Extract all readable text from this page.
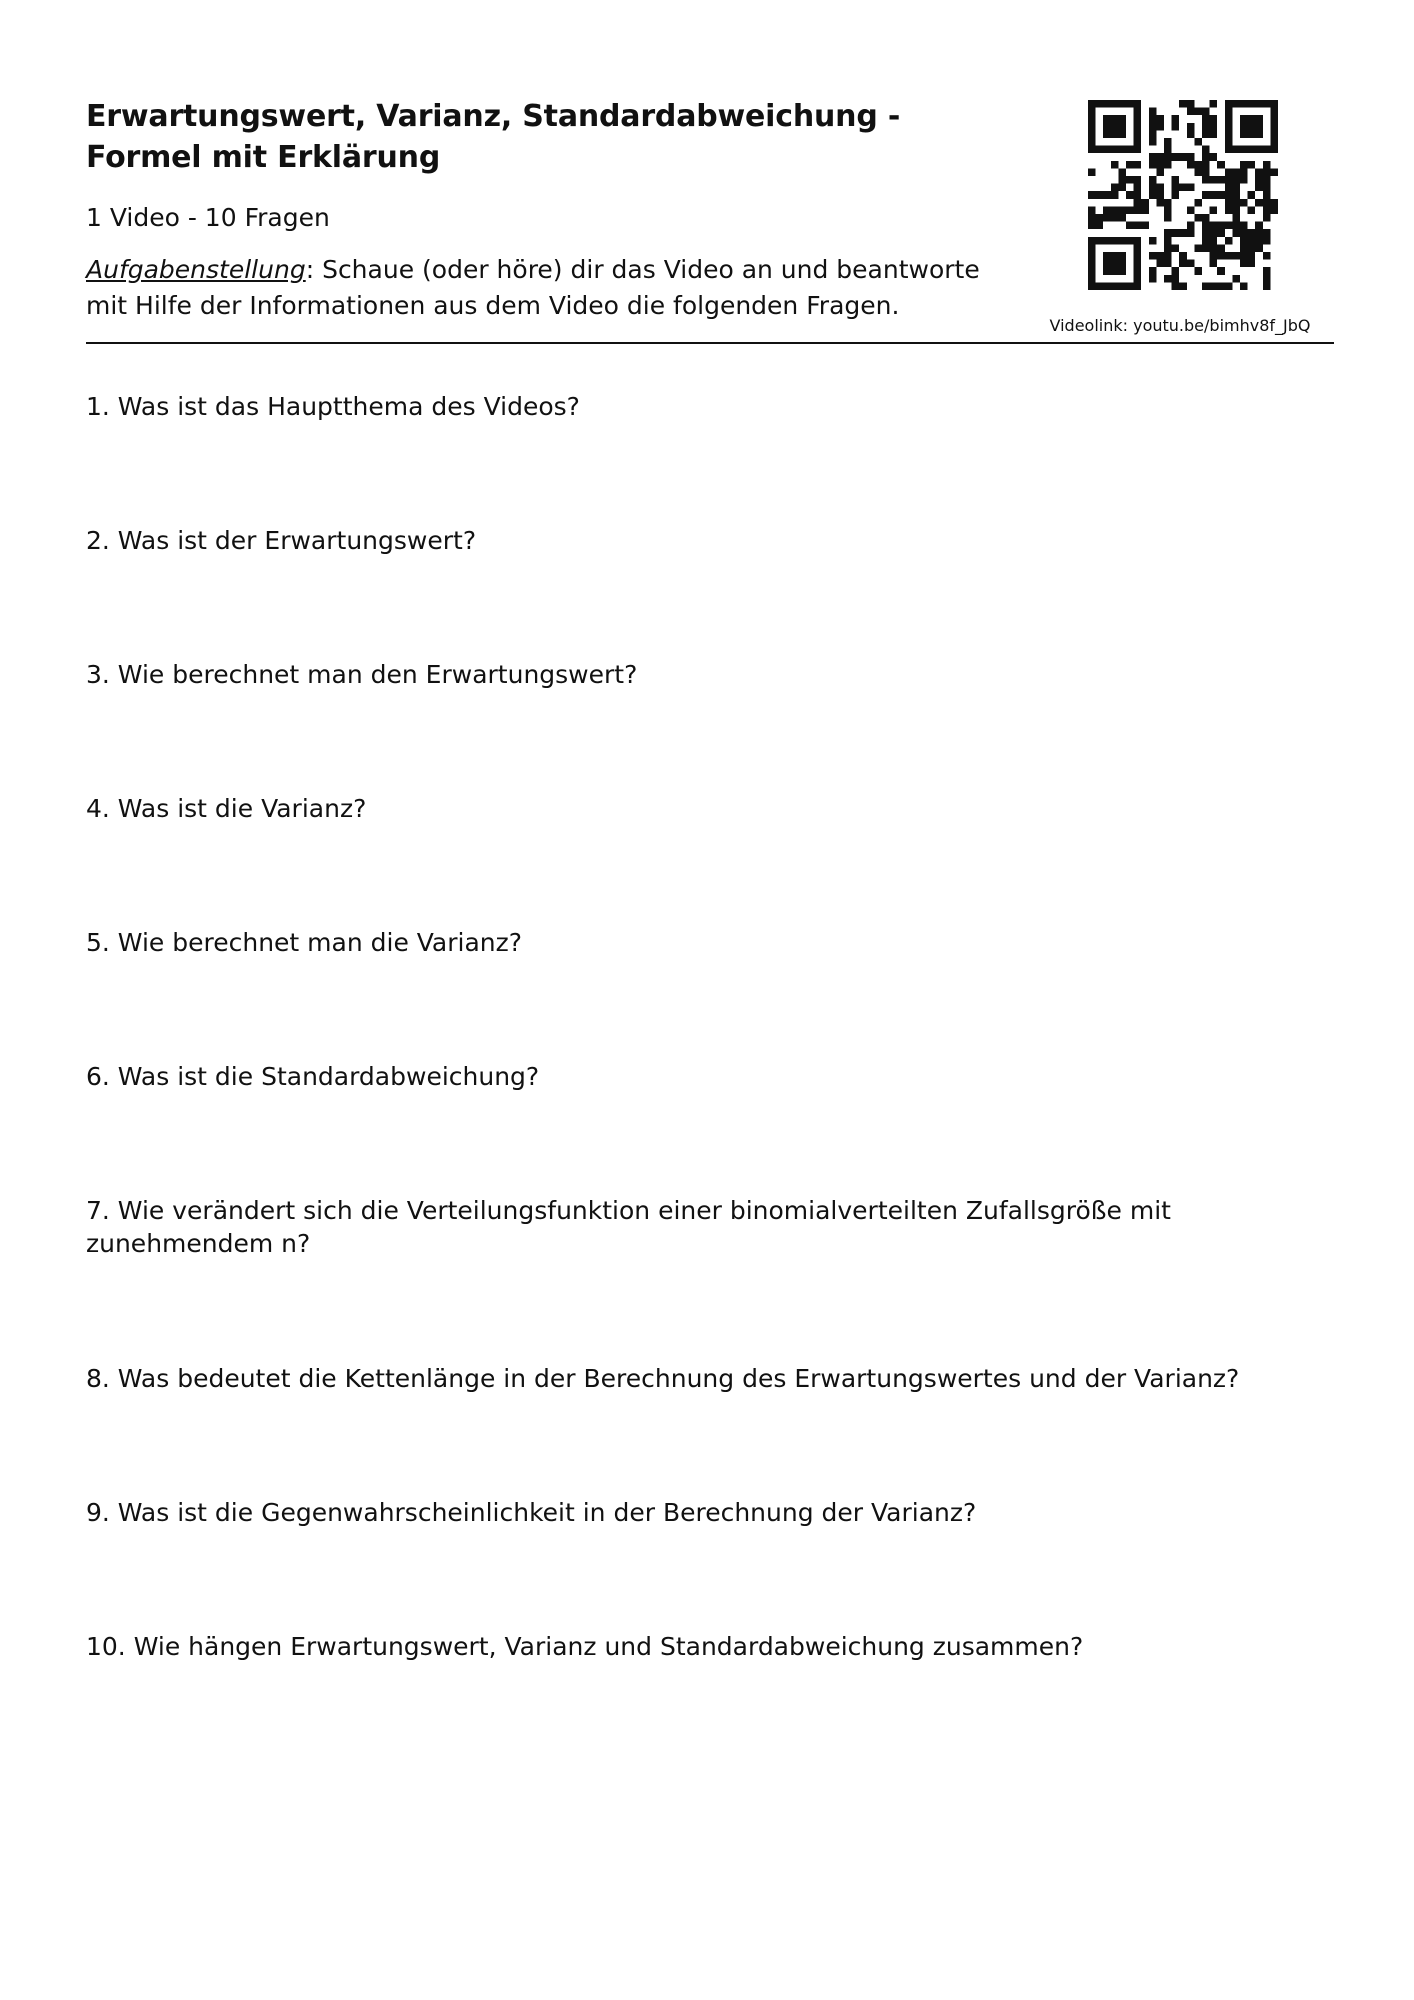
Erwartungswert, Varianz, Standardabweichung - Formel mit Erklärung
1 Video - 10 Fragen
Aufgabenstellung: Schaue (oder höre) dir das Video an und beantworte mit Hilfe der Informationen aus dem Video die folgenden Fragen.
Videolink: youtu.be/bimhv8f_JbQ
1. Was ist das Hauptthema des Videos?
2. Was ist der Erwartungswert?
3. Wie berechnet man den Erwartungswert?
4. Was ist die Varianz?
5. Wie berechnet man die Varianz?
6. Was ist die Standardabweichung?
7. Wie verändert sich die Verteilungsfunktion einer binomialverteilten Zufallsgröße mit zunehmendem n?
8. Was bedeutet die Kettenlänge in der Berechnung des Erwartungswertes und der Varianz?
9. Was ist die Gegenwahrscheinlichkeit in der Berechnung der Varianz?
10. Wie hängen Erwartungswert, Varianz und Standardabweichung zusammen?
